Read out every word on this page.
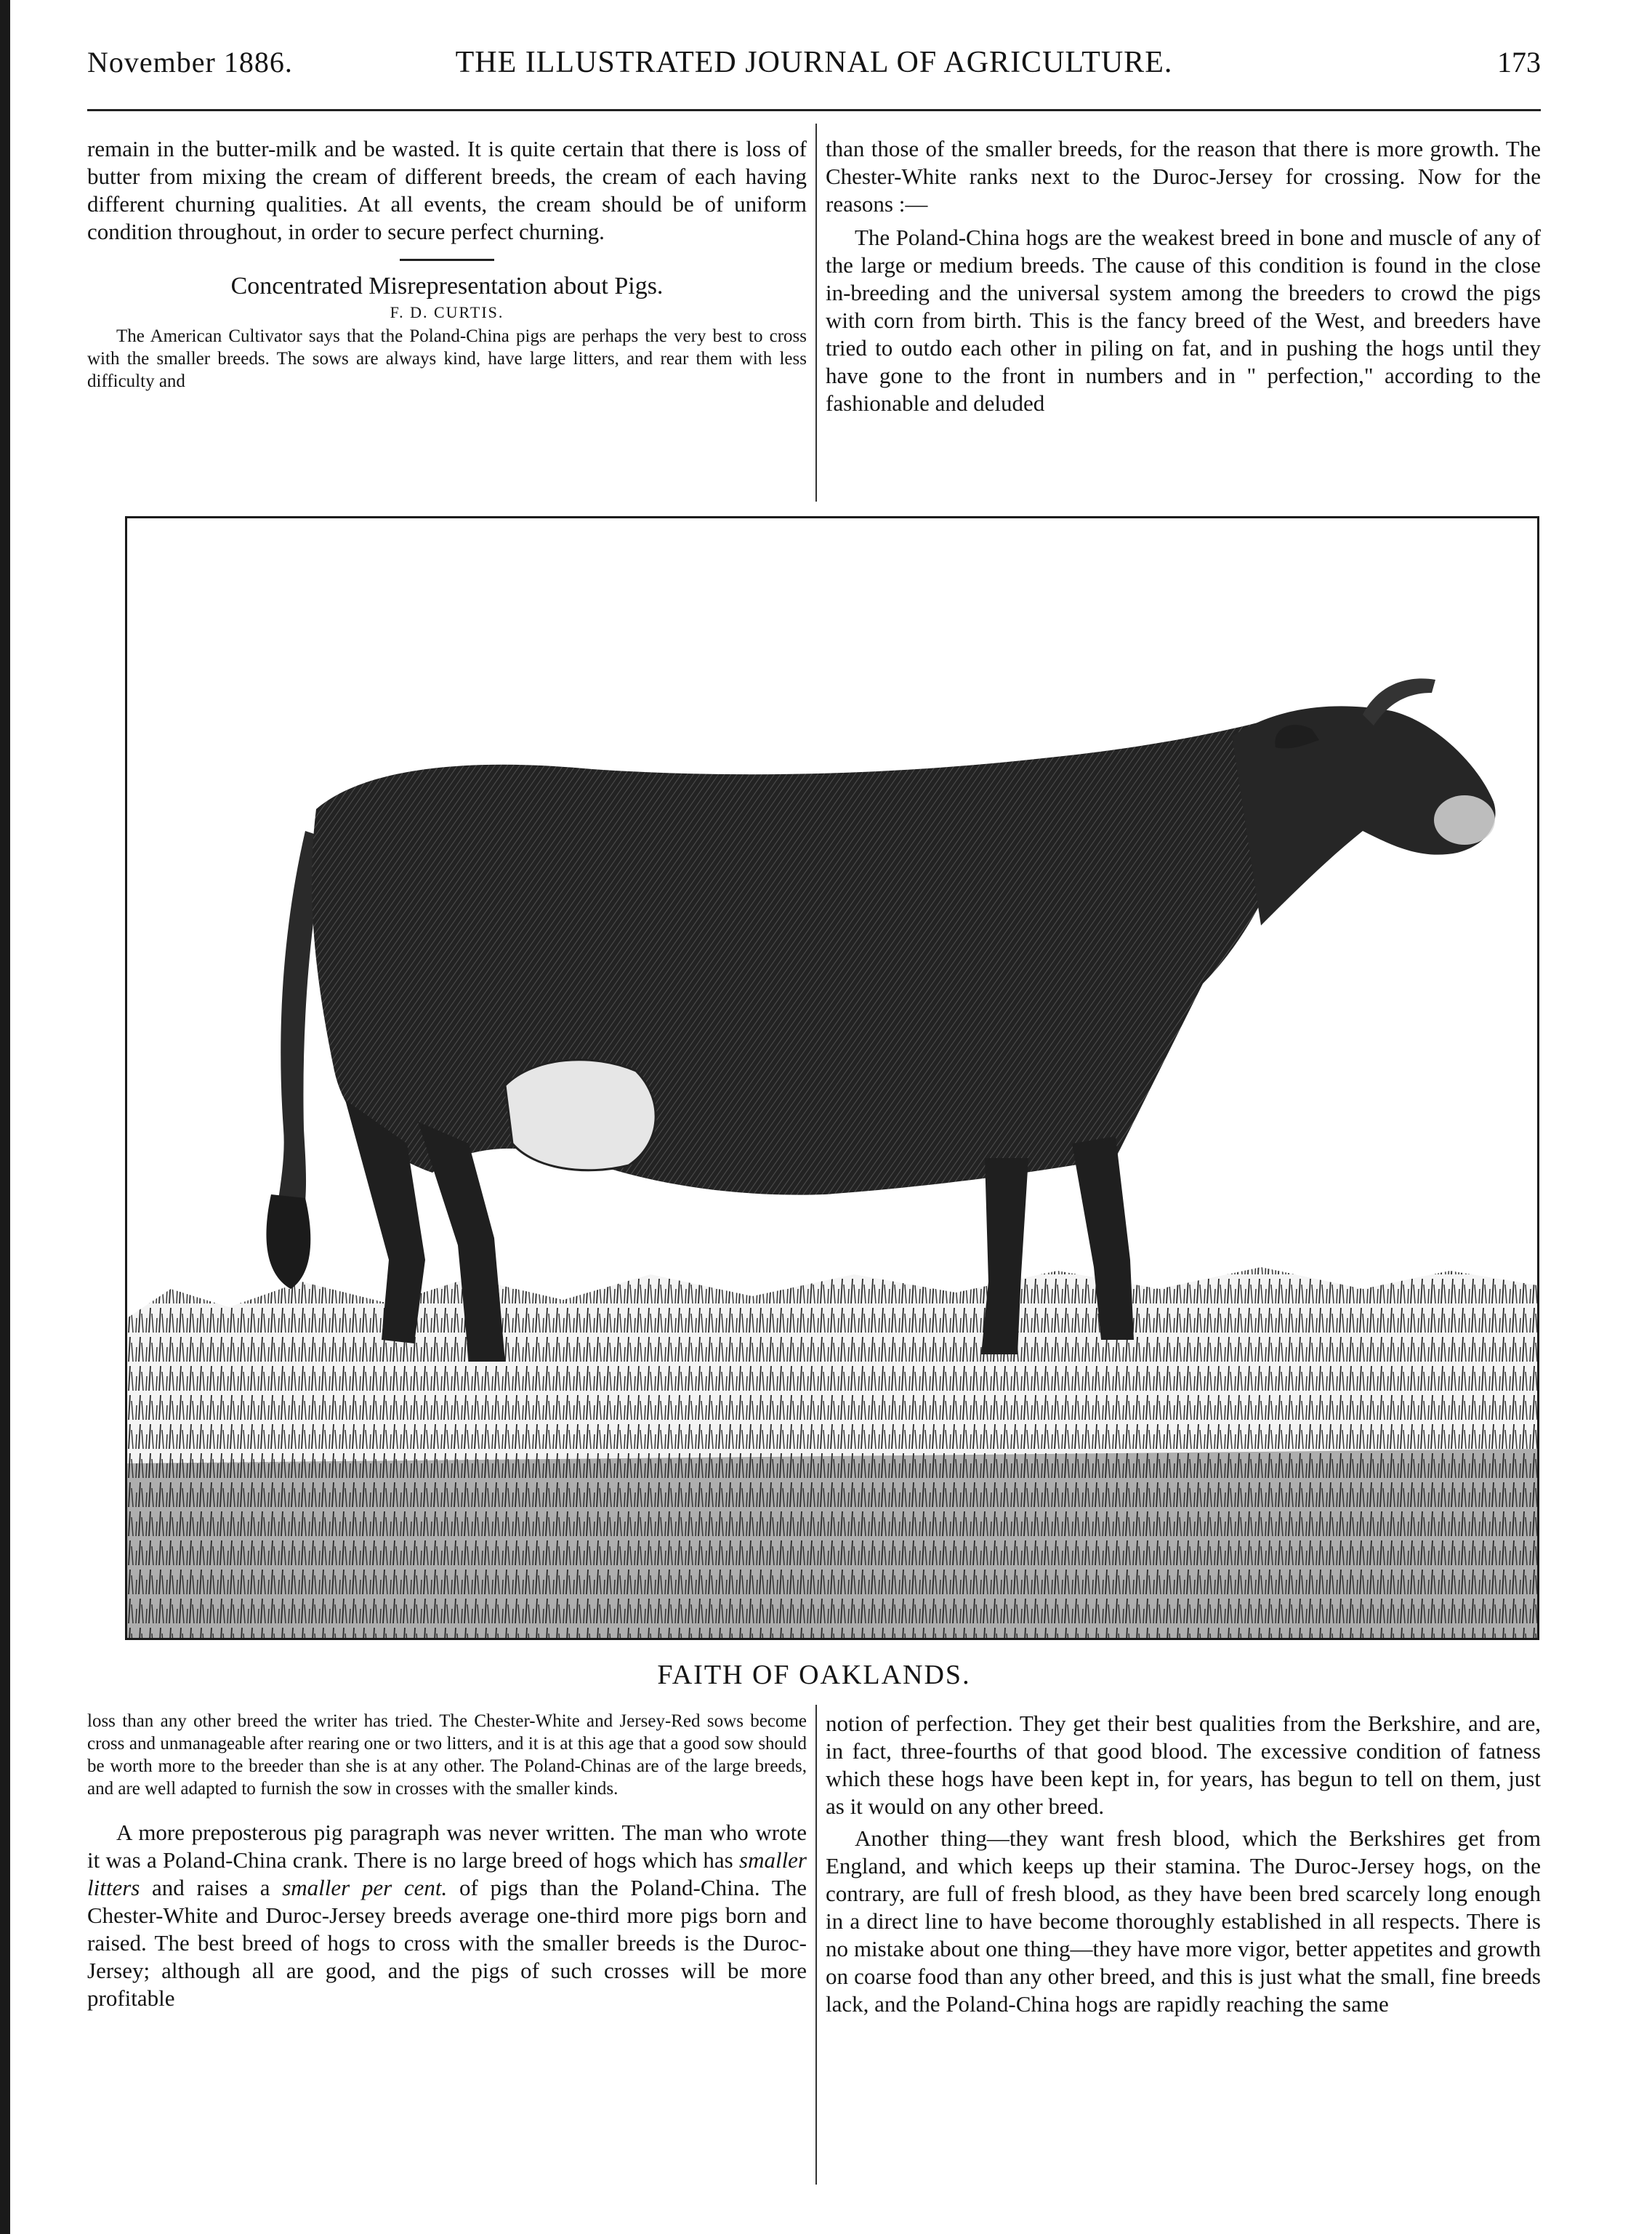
November 1886.	THE ILLUSTRATED JOURNAL OF AGRICULTURE.	173

remain in the butter-milk and be wasted. It is quite certain that there is loss of butter from mixing the cream of different breeds, the cream of each having different churning qualities. At all events, the cream should be of uniform condition throughout, in order to secure perfect churning.

Concentrated Misrepresentation about Pigs.
F. D. CURTIS.

The American Cultivator says that the Poland-China pigs are perhaps the very best to cross with the smaller breeds. The sows are always kind, have large litters, and rear them with less difficulty and

than those of the smaller breeds, for the reason that there is more growth. The Chester-White ranks next to the Duroc-Jersey for crossing. Now for the reasons :—

The Poland-China hogs are the weakest breed in bone and muscle of any of the large or medium breeds. The cause of this condition is found in the close in-breeding and the universal system among the breeders to crowd the pigs with corn from birth. This is the fancy breed of the West, and breeders have tried to outdo each other in piling on fat, and in pushing the hogs until they have gone to the front in numbers and in " perfection," according to the fashionable and deluded

FAITH OF OAKLANDS.

loss than any other breed the writer has tried. The Chester-White and Jersey-Red sows become cross and unmanageable after rearing one or two litters, and it is at this age that a good sow should be worth more to the breeder than she is at any other. The Poland-Chinas are of the large breeds, and are well adapted to furnish the sow in crosses with the smaller kinds.

A more preposterous pig paragraph was never written. The man who wrote it was a Poland-China crank. There is no large breed of hogs which has smaller litters and raises a smaller per cent. of pigs than the Poland-China. The Chester-White and Duroc-Jersey breeds average one-third more pigs born and raised. The best breed of hogs to cross with the smaller breeds is the Duroc-Jersey; although all are good, and the pigs of such crosses will be more profitable

notion of perfection. They get their best qualities from the Berkshire, and are, in fact, three-fourths of that good blood. The excessive condition of fatness which these hogs have been kept in, for years, has begun to tell on them, just as it would on any other breed.

Another thing—they want fresh blood, which the Berkshires get from England, and which keeps up their stamina. The Duroc-Jersey hogs, on the contrary, are full of fresh blood, as they have been bred scarcely long enough in a direct line to have become thoroughly established in all respects. There is no mistake about one thing—they have more vigor, better appetites and growth on coarse food than any other breed, and this is just what the small, fine breeds lack, and the Poland-China hogs are rapidly reaching the same
